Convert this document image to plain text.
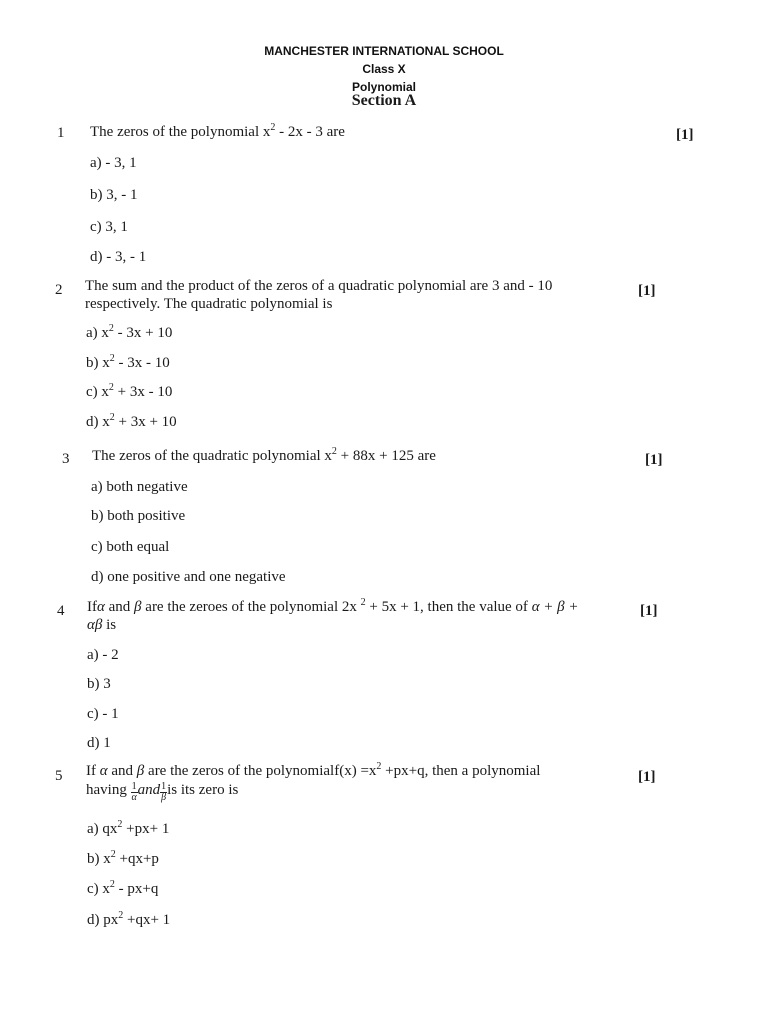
MANCHESTER INTERNATIONAL SCHOOL
Class X
Polynomial
Section A
1 The zeros of the polynomial $x^2 - 2x - 3$ are	[1]
a) - 3, 1
b) 3, - 1
c) 3, 1
d) - 3, - 1
2 The sum and the product of the zeros of a quadratic polynomial are 3 and - 10
respectively. The quadratic polynomial is
[1]
a) $x^2 - 3x + 10$
b) $x^2 - 3x - 10$
c) $x^2 + 3x - 10$
d) $x^2 + 3x + 10$
3 The zeros of the quadratic polynomial $x^2 + 88x + 125$ are	[1]
a) both negative
b) both positive
c) both equal
d) one positive and one negative
4 Ifα and β are the zeroes of the polynomial 2x $^2$ + 5x + 1, then the value of α + β +
αβ is
[1]
a) - 2
b) 3
c) - 1
d) 1
5 If α and β are the zeros of the polynomialf(x) $=x^2 +px+q$, then a polynomial
having $\frac{1}{\alpha}$ and $\frac{1}{\beta}$ is its zero is
[1]
a) $qx^2 +px+ 1$
b) $x^2 +qx+p$
c) $x^2 - px+q$
d) $px^2 +qx+ 1$
